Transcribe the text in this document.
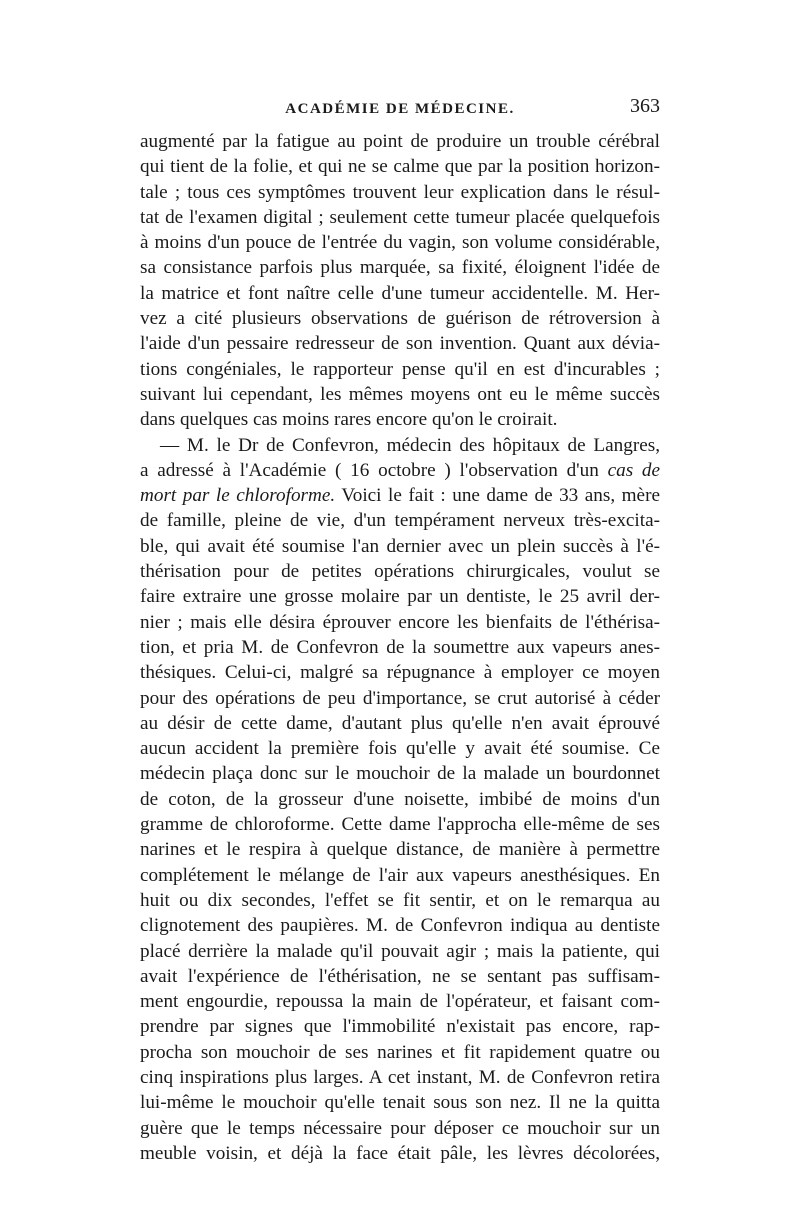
ACADÉMIE DE MÉDECINE.	363
augmenté par la fatigue au point de produire un trouble cérébral
qui tient de la folie, et qui ne se calme que par la position horizon-
tale ; tous ces symptômes trouvent leur explication dans le résul-
tat de l'examen digital ; seulement cette tumeur placée quelquefois
à moins d'un pouce de l'entrée du vagin, son volume considérable,
sa consistance parfois plus marquée, sa fixité, éloignent l'idée de
la matrice et font naître celle d'une tumeur accidentelle. M. Her-
vez a cité plusieurs observations de guérison de rétroversion à
l'aide d'un pessaire redresseur de son invention. Quant aux dévia-
tions congéniales, le rapporteur pense qu'il en est d'incurables ;
suivant lui cependant, les mêmes moyens ont eu le même succès
dans quelques cas moins rares encore qu'on le croirait.
— M. le Dr de Confevron, médecin des hôpitaux de Langres,
a adressé à l'Académie ( 16 octobre ) l'observation d'un cas de
mort par le chloroforme. Voici le fait : une dame de 33 ans, mère
de famille, pleine de vie, d'un tempérament nerveux très-excita-
ble, qui avait été soumise l'an dernier avec un plein succès à l'é-
thérisation pour de petites opérations chirurgicales, voulut se
faire extraire une grosse molaire par un dentiste, le 25 avril der-
nier ; mais elle désira éprouver encore les bienfaits de l'éthérisa-
tion, et pria M. de Confevron de la soumettre aux vapeurs anes-
thésiques. Celui-ci, malgré sa répugnance à employer ce moyen
pour des opérations de peu d'importance, se crut autorisé à céder
au désir de cette dame, d'autant plus qu'elle n'en avait éprouvé
aucun accident la première fois qu'elle y avait été soumise. Ce
médecin plaça donc sur le mouchoir de la malade un bourdonnet
de coton, de la grosseur d'une noisette, imbibé de moins d'un
gramme de chloroforme. Cette dame l'approcha elle-même de ses
narines et le respira à quelque distance, de manière à permettre
complétement le mélange de l'air aux vapeurs anesthésiques. En
huit ou dix secondes, l'effet se fit sentir, et on le remarqua au
clignotement des paupières. M. de Confevron indiqua au dentiste
placé derrière la malade qu'il pouvait agir ; mais la patiente, qui
avait l'expérience de l'éthérisation, ne se sentant pas suffisam-
ment engourdie, repoussa la main de l'opérateur, et faisant com-
prendre par signes que l'immobilité n'existait pas encore, rap-
procha son mouchoir de ses narines et fit rapidement quatre ou
cinq inspirations plus larges. A cet instant, M. de Confevron retira
lui-même le mouchoir qu'elle tenait sous son nez. Il ne la quitta
guère que le temps nécessaire pour déposer ce mouchoir sur un
meuble voisin, et déjà la face était pâle, les lèvres décolorées,
